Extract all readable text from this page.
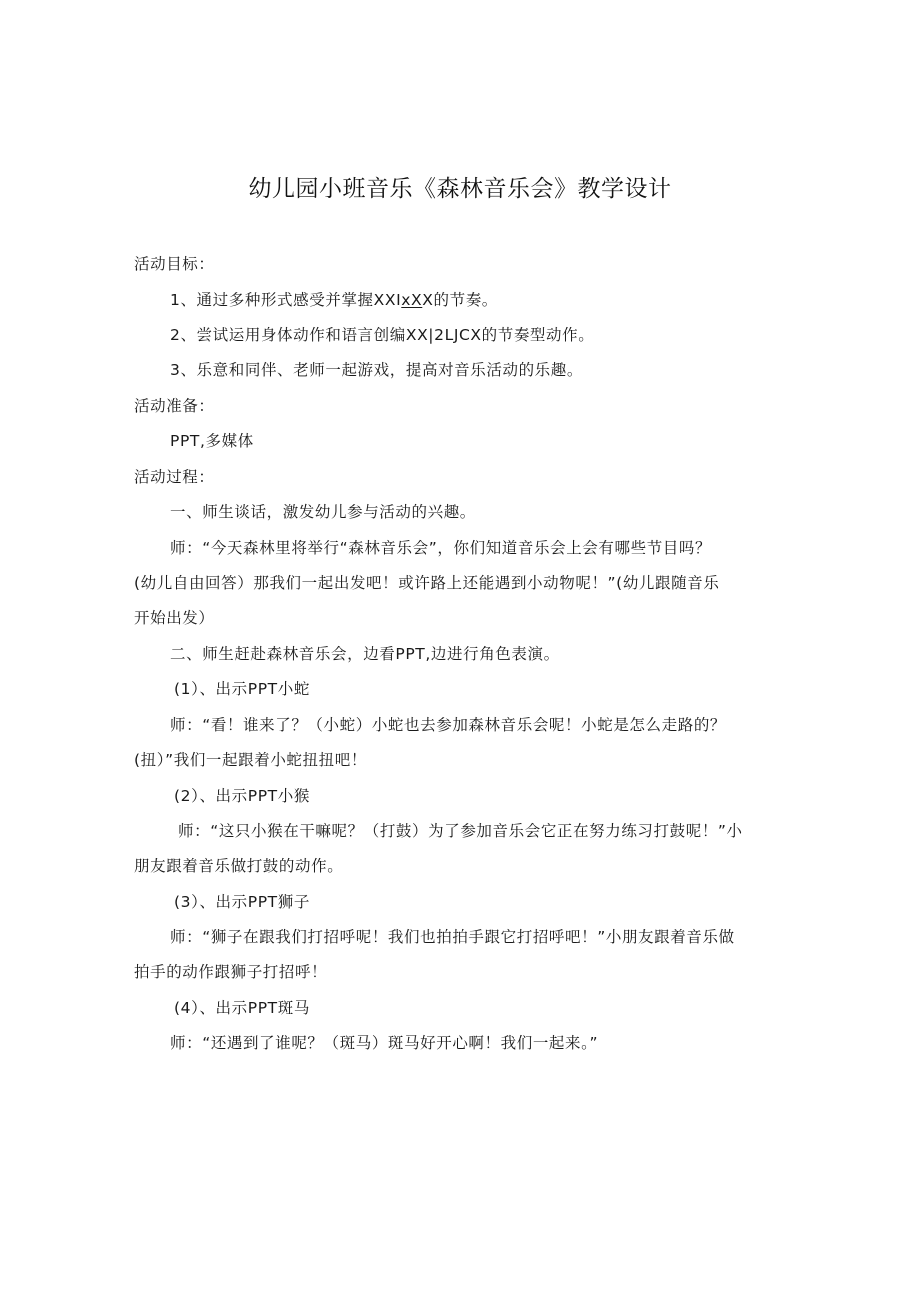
幼儿园小班音乐《森林音乐会》教学设计
活动目标：
1、通过多种形式感受并掌握XXIxXX的节奏。
2、尝试运用身体动作和语言创编XX|2LJCX的节奏型动作。
3、乐意和同伴、老师一起游戏，提高对音乐活动的乐趣。
活动准备：
PPT,多媒体
活动过程：
一、师生谈话，激发幼儿参与活动的兴趣。
师：“今天森林里将举行“森林音乐会”，你们知道音乐会上会有哪些节目吗？
(幼儿自由回答）那我们一起出发吧！或许路上还能遇到小动物呢！”(幼儿跟随音乐
开始出发）
二、师生赶赴森林音乐会，边看PPT,边进行角色表演。
(1）、出示PPT小蛇
师：“看！谁来了？（小蛇）小蛇也去参加森林音乐会呢！小蛇是怎么走路的？
(扭）”我们一起跟着小蛇扭扭吧！
(2）、出示PPT小猴
师：“这只小猴在干嘛呢？（打鼓）为了参加音乐会它正在努力练习打鼓呢！”小
朋友跟着音乐做打鼓的动作。
(3）、出示PPT狮子
师：“狮子在跟我们打招呼呢！我们也拍拍手跟它打招呼吧！”小朋友跟着音乐做
拍手的动作跟狮子打招呼！
(4）、出示PPT斑马
师：“还遇到了谁呢？（斑马）斑马好开心啊！我们一起来。”
